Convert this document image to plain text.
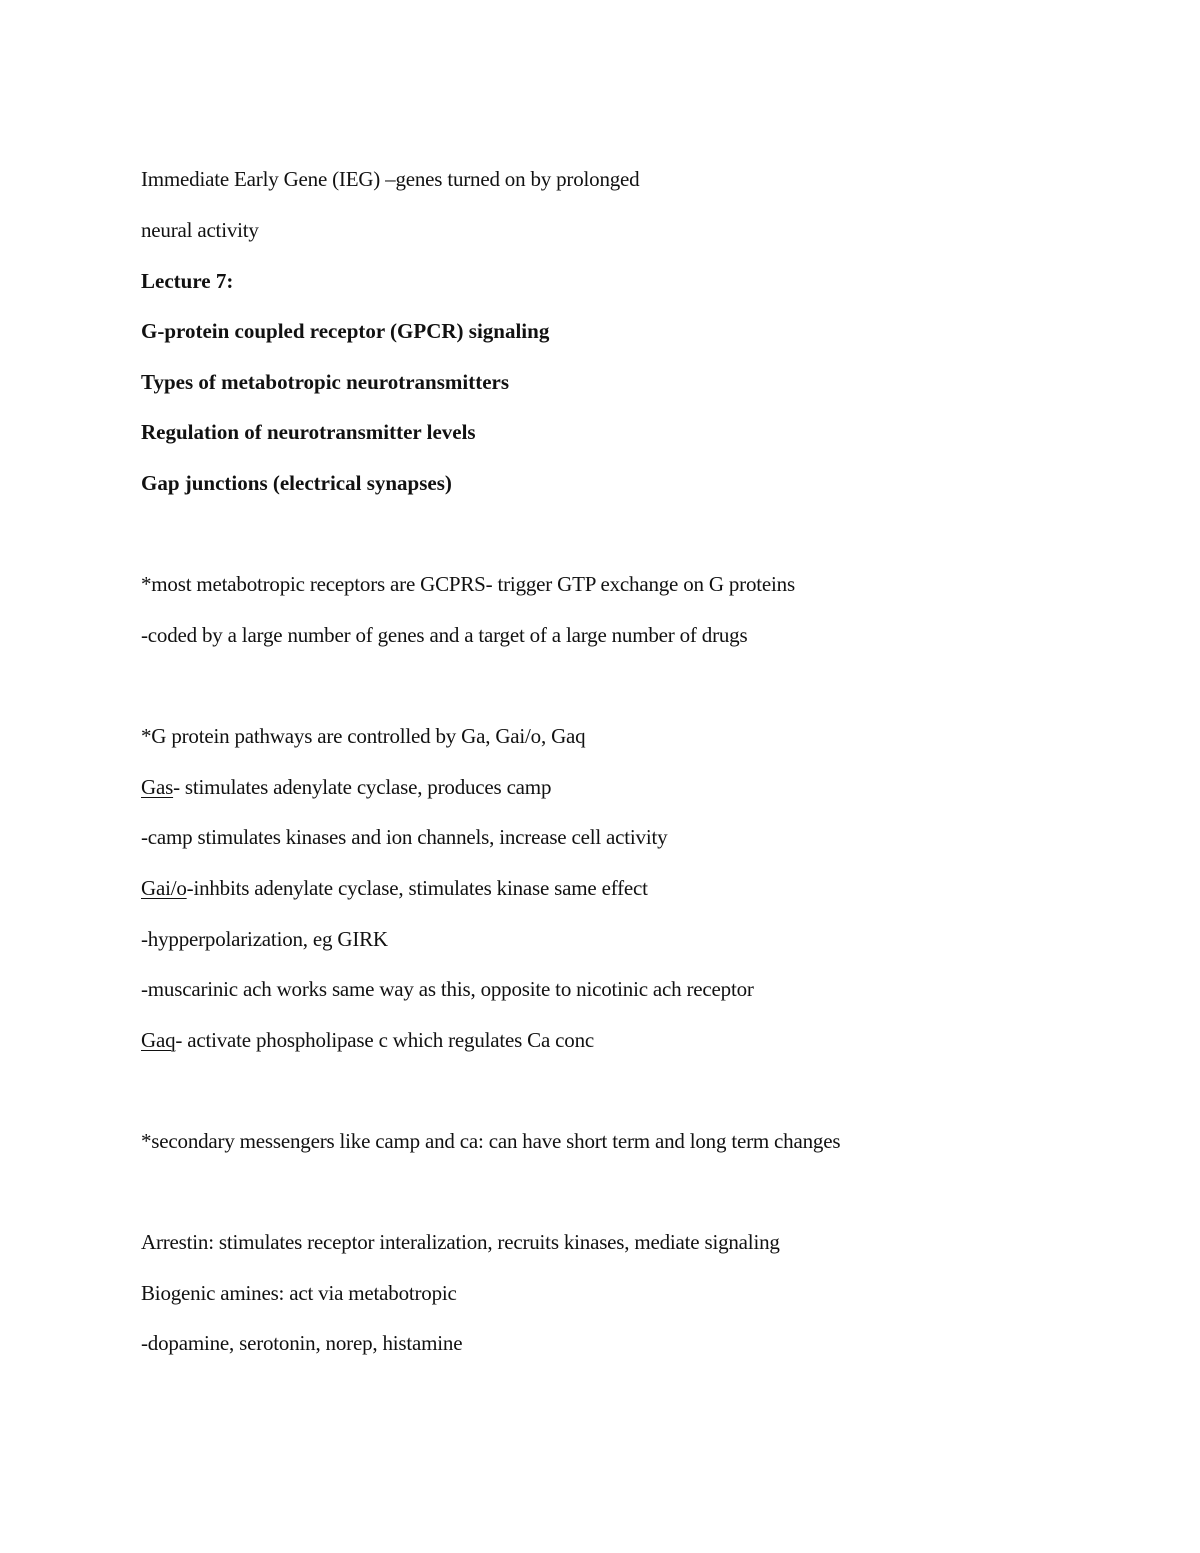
Immediate Early Gene (IEG) –genes turned on by prolonged
neural activity
Lecture 7:
G-protein coupled receptor (GPCR) signaling
Types of metabotropic neurotransmitters
Regulation of neurotransmitter levels
Gap junctions (electrical synapses)
*most metabotropic receptors are GCPRS- trigger GTP exchange on G proteins
-coded by a large number of genes and a target of a large number of drugs
*G protein pathways are controlled by Ga, Gai/o, Gaq
Gas- stimulates adenylate cyclase, produces camp
-camp stimulates kinases and ion channels, increase cell activity
Gai/o-inhbits adenylate cyclase, stimulates kinase same effect
-hypperpolarization, eg GIRK
-muscarinic ach works same way as this, opposite to nicotinic ach receptor
Gaq- activate phospholipase c which regulates Ca conc
*secondary messengers like camp and ca: can have short term and long term changes
Arrestin: stimulates receptor interalization, recruits kinases, mediate signaling
Biogenic amines: act via metabotropic
-dopamine, serotonin, norep, histamine
